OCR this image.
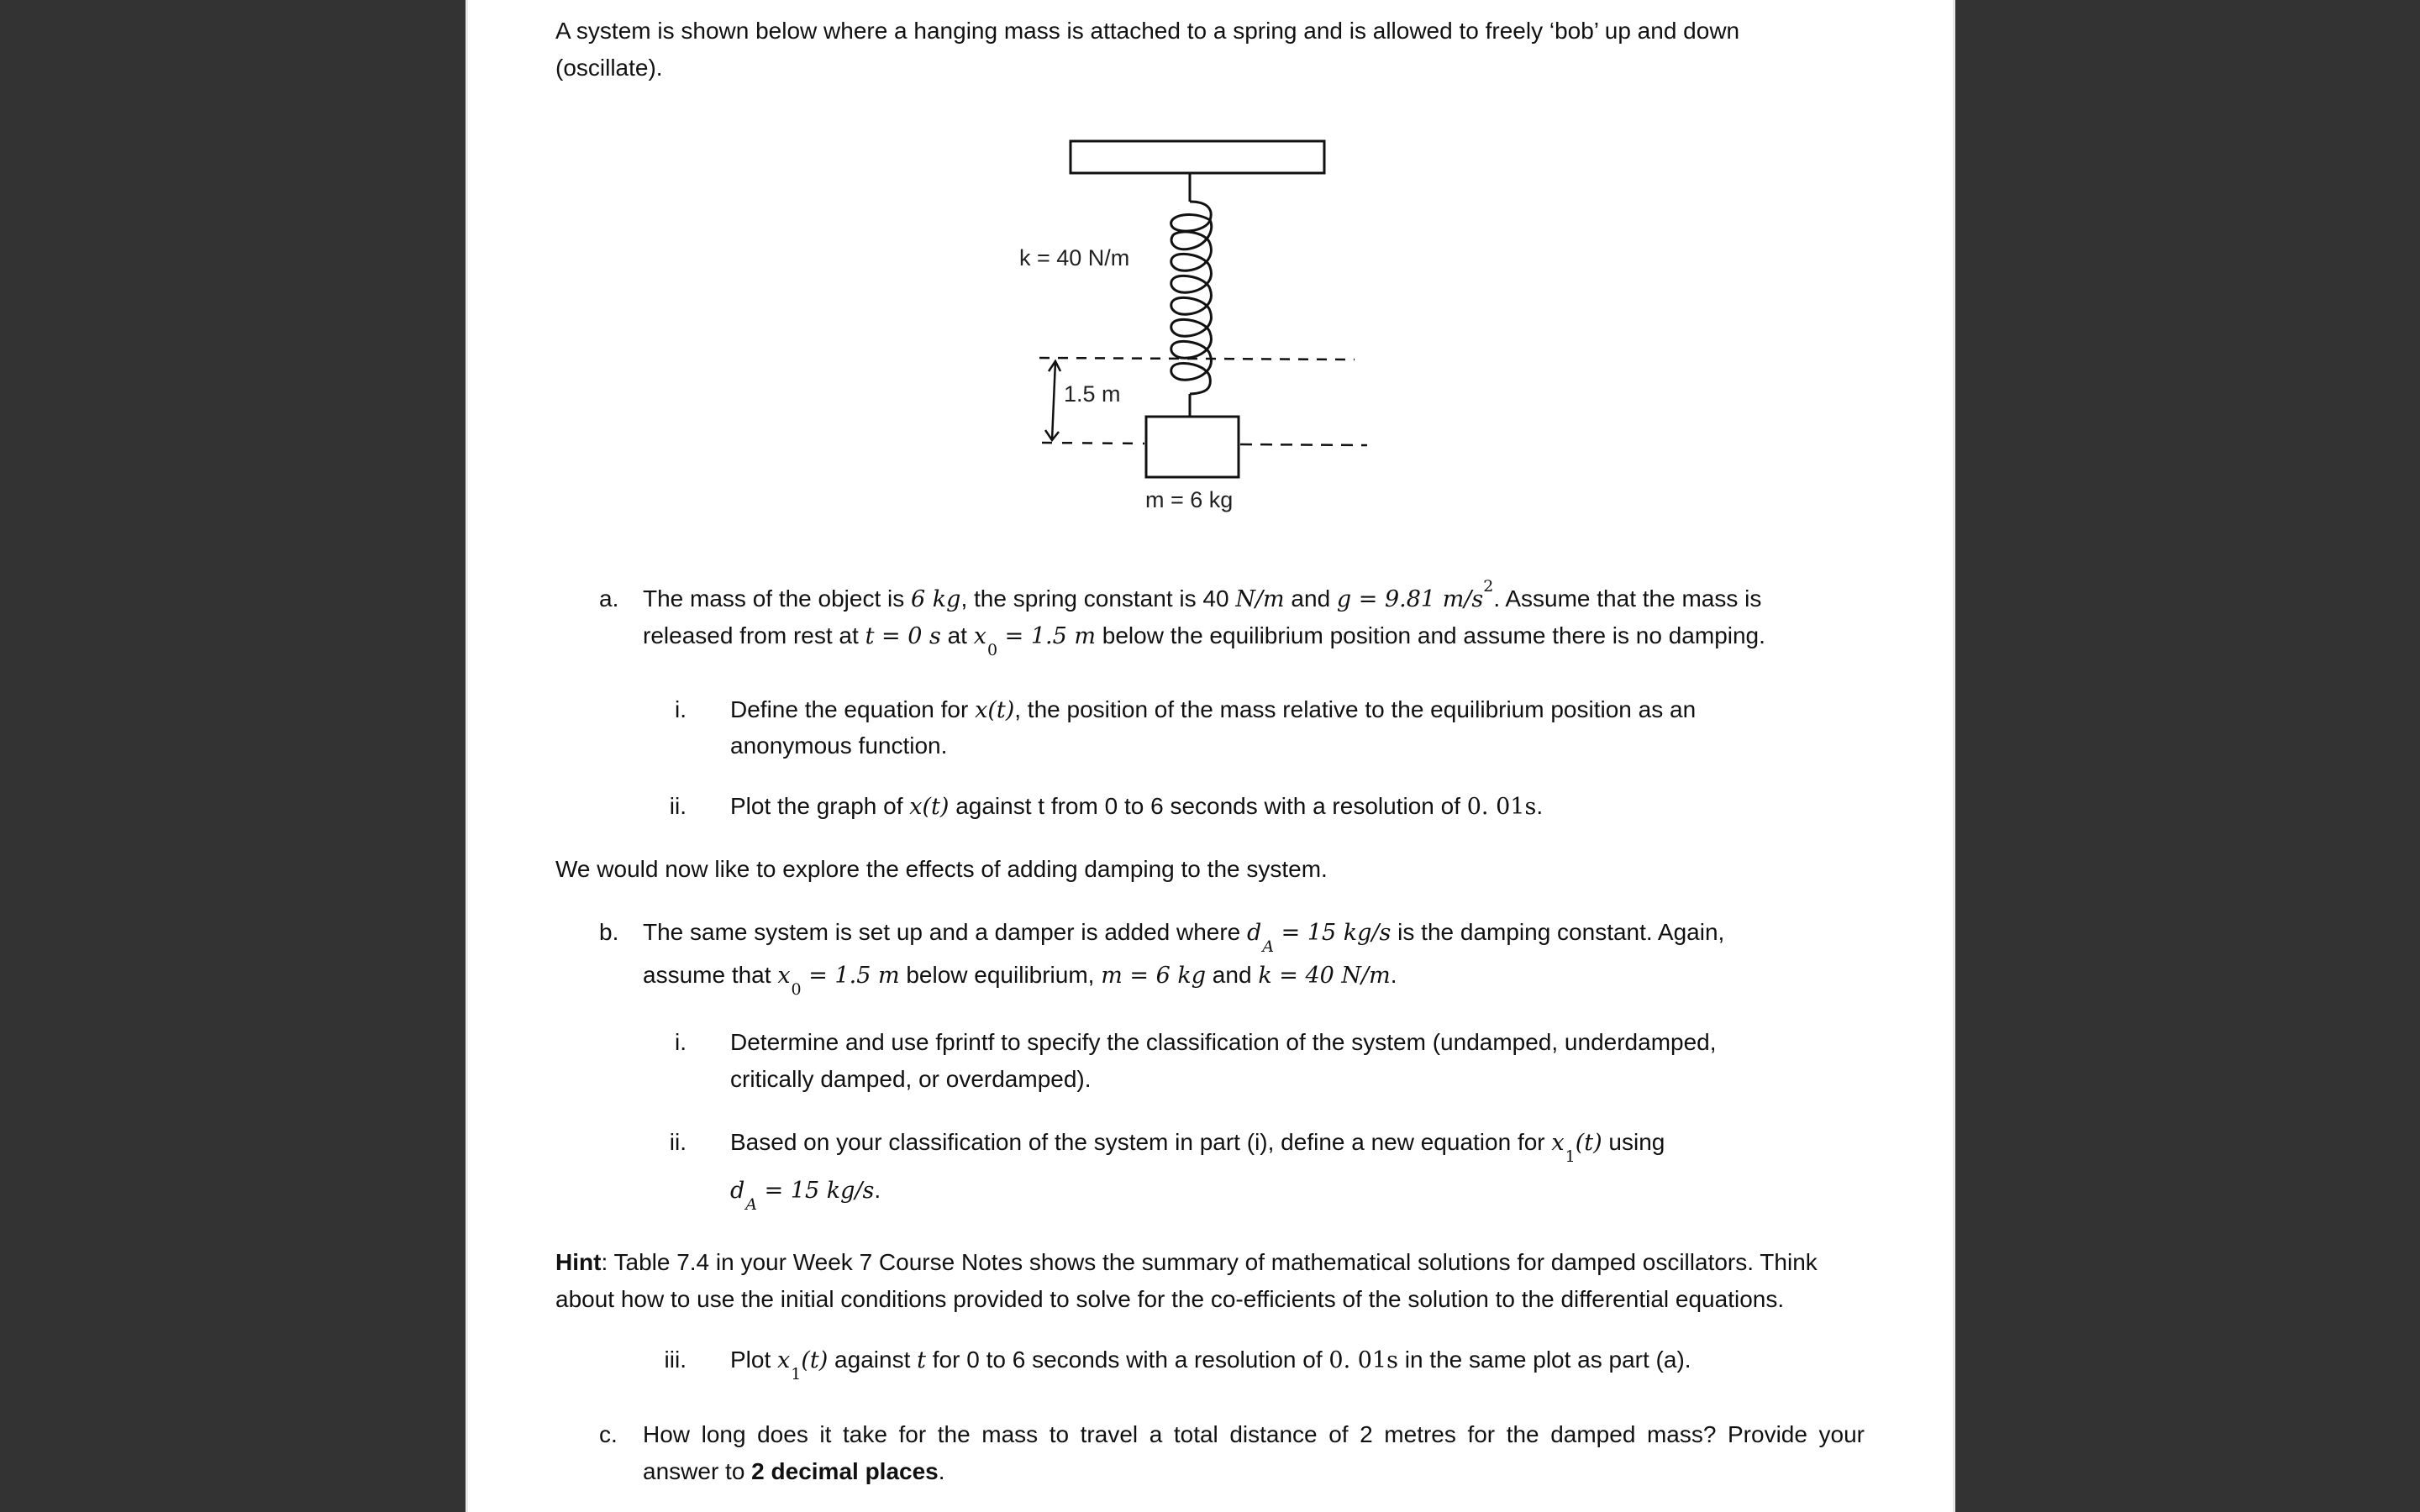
A system is shown below where a hanging mass is attached to a spring and is allowed to freely ‘bob’ up and down
(oscillate).
k = 40 N/m
1.5 m
m = 6 kg
a. The mass of the object is 6 kg, the spring constant is 40 N/m and g = 9.81 $m/s^2$. Assume that the mass is
released from rest at t = 0 s at $x_0 = 1.5$ m below the equilibrium position and assume there is no damping.
i. Define the equation for x(t), the position of the mass relative to the equilibrium position as an
anonymous function.
ii. Plot the graph of x(t) against t from 0 to 6 seconds with a resolution of 0. 01s.
We would now like to explore the effects of adding damping to the system.
b. The same system is set up and a damper is added where $d_A = 15$ kg/s is the damping constant. Again,
assume that $x_0 = 1.5$ m below equilibrium, m = 6 kg and k = 40 N/m.
i. Determine and use fprintf to specify the classification of the system (undamped, underdamped,
critically damped, or overdamped).
ii. Based on your classification of the system in part (i), define a new equation for $x_1(t)$ using
$d_A = 15$ kg/s.
Hint: Table 7.4 in your Week 7 Course Notes shows the summary of mathematical solutions for damped oscillators. Think
about how to use the initial conditions provided to solve for the co-efficients of the solution to the differential equations.
iii. Plot $x_1(t)$ against t for 0 to 6 seconds with a resolution of 0. 01s in the same plot as part (a).
c. How long does it take for the mass to travel a total distance of 2 metres for the damped mass? Provide your
answer to 2 decimal places.
